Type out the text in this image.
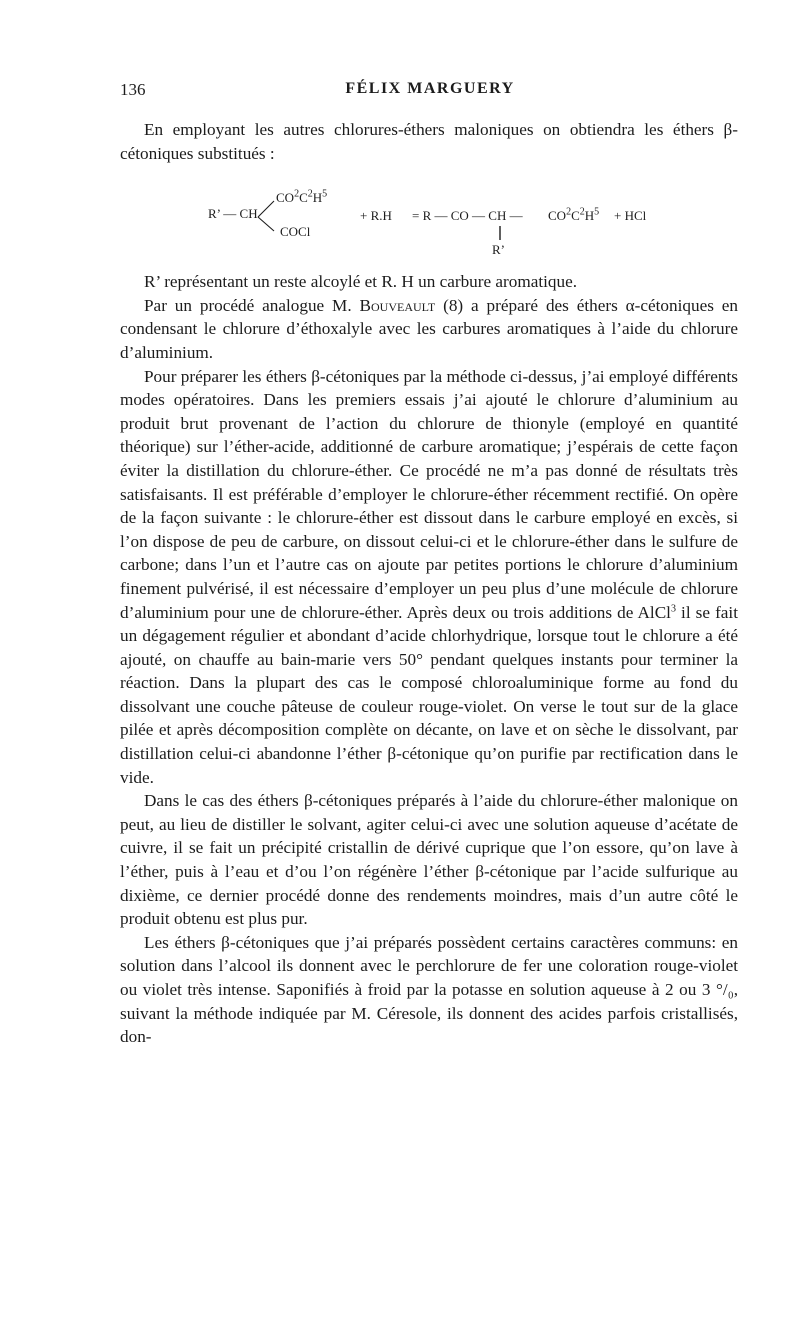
136	FÉLIX MARGUERY

En employant les autres chlorures-éthers maloniques on obtiendra les éthers β-cétoniques substitués :

R’ — CH
$CO^2C^2H^5$
COCl
+ R.H = R — CO — CH — $CO^2C^2H^5$ + HCl
R’

R’ représentant un reste alcoylé et R. H un carbure aromatique.

Par un procédé analogue M. Bouveault (8) a préparé des éthers α-cétoniques en condensant le chlorure d’éthoxalyle avec les carbures aromatiques à l’aide du chlorure d’aluminium.

Pour préparer les éthers β-cétoniques par la méthode ci-dessus, j’ai employé différents modes opératoires. Dans les premiers essais j’ai ajouté le chlorure d’aluminium au produit brut provenant de l’action du chlorure de thionyle (employé en quantité théorique) sur l’éther-acide, additionné de carbure aromatique; j’espérais de cette façon éviter la distillation du chlorure-éther. Ce procédé ne m’a pas donné de résultats très satisfaisants. Il est préférable d’employer le chlorure-éther récemment rectifié. On opère de la façon suivante : le chlorure-éther est dissout dans le carbure employé en excès, si l’on dispose de peu de carbure, on dissout celui-ci et le chlorure-éther dans le sulfure de carbone; dans l’un et l’autre cas on ajoute par petites portions le chlorure d’aluminium finement pulvérisé, il est nécessaire d’employer un peu plus d’une molécule de chlorure d’aluminium pour une de chlorure-éther. Après deux ou trois additions de AlCl$^3$ il se fait un dégagement régulier et abondant d’acide chlorhydrique, lorsque tout le chlorure a été ajouté, on chauffe au bain-marie vers 50° pendant quelques instants pour terminer la réaction. Dans la plupart des cas le composé chloroaluminique forme au fond du dissolvant une couche pâteuse de couleur rouge-violet. On verse le tout sur de la glace pilée et après décomposition complète on décante, on lave et on sèche le dissolvant, par distillation celui-ci abandonne l’éther β-cétonique qu’on purifie par rectification dans le vide.

Dans le cas des éthers β-cétoniques préparés à l’aide du chlorure-éther malonique on peut, au lieu de distiller le solvant, agiter celui-ci avec une solution aqueuse d’acétate de cuivre, il se fait un précipité cristallin de dérivé cuprique que l’on essore, qu’on lave à l’éther, puis à l’eau et d’ou l’on régénère l’éther β-cétonique par l’acide sulfurique au dixième, ce dernier procédé donne des rendements moindres, mais d’un autre côté le produit obtenu est plus pur.

Les éthers β-cétoniques que j’ai préparés possèdent certains caractères communs: en solution dans l’alcool ils donnent avec le perchlorure de fer une coloration rouge-violet ou violet très intense. Saponifiés à froid par la potasse en solution aqueuse à 2 ou 3 °/₀, suivant la méthode indiquée par M. Céresole, ils donnent des acides parfois cristallisés, don-
